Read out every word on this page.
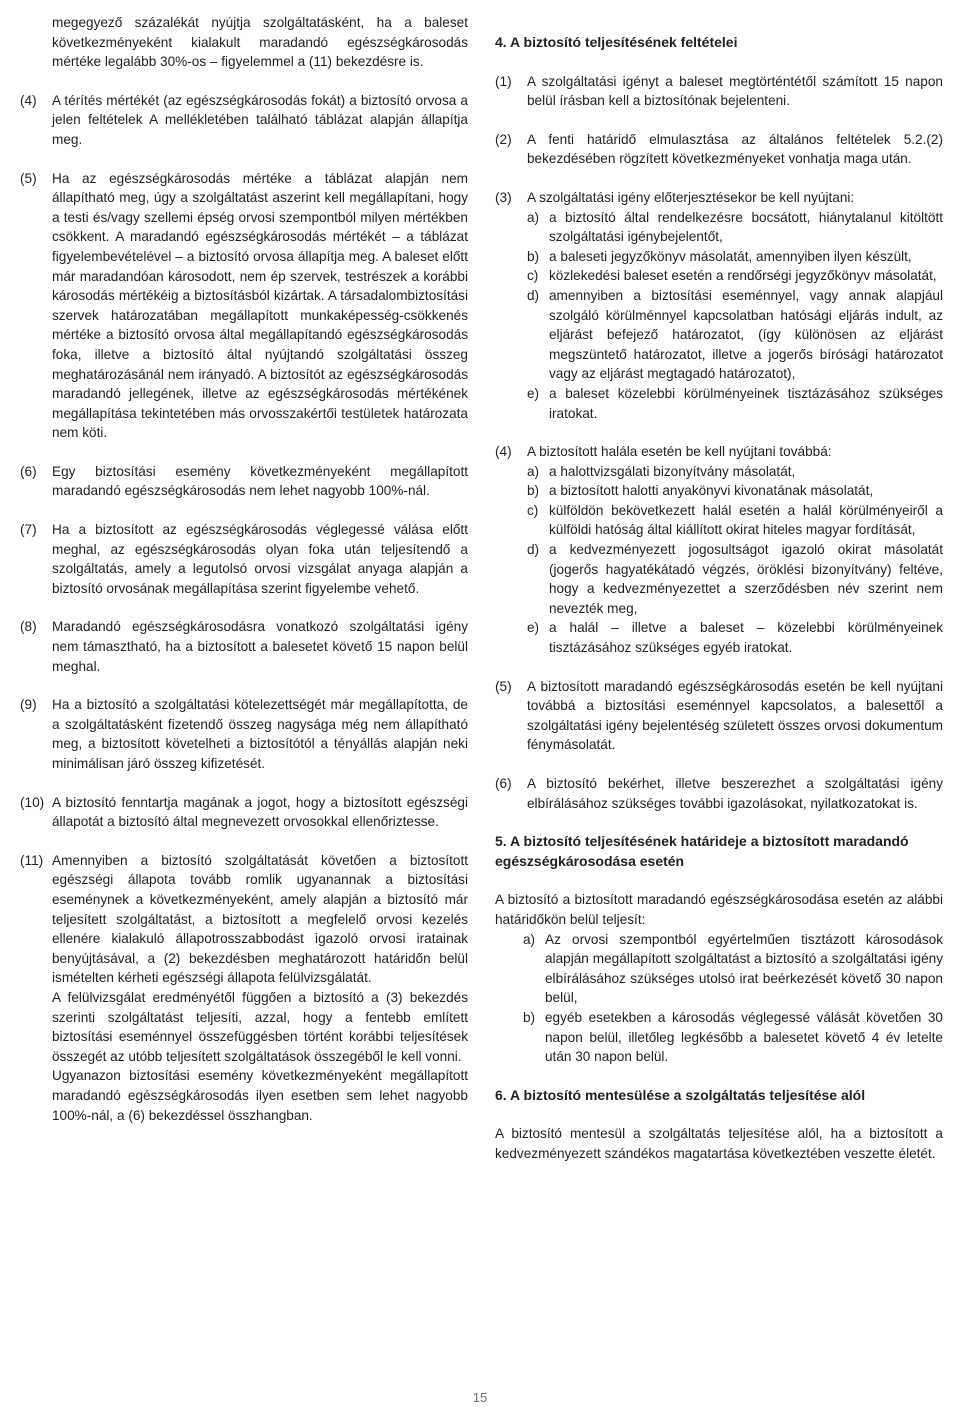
megegyező százalékát nyújtja szolgáltatásként, ha a baleset következményeként kialakult maradandó egészségkárosodás mértéke legalább 30%-os – figyelemmel a (11) bekezdésre is.
(4)	A térítés mértékét (az egészségkárosodás fokát) a biztosító orvosa a jelen feltételek A mellékletében található táblázat alapján állapítja meg.

(5)	Ha az egészségkárosodás mértéke a táblázat alapján nem állapítható meg, úgy a szolgáltatást aszerint kell megállapítani, hogy a testi és/vagy szellemi épség orvosi szempontból milyen mértékben csökkent. A maradandó egészségkárosodás mértékét – a táblázat figyelembevételével – a biztosító orvosa állapítja meg. A baleset előtt már maradandóan károsodott, nem ép szervek, testrészek a korábbi károsodás mértékéig a biztosításból kizártak. A társadalombiztosítási szervek határozatában megállapított munkaképesség-csökkenés mértéke a biztosító orvosa által megállapítandó egészségkárosodás foka, illetve a biztosító által nyújtandó szolgáltatási összeg meghatározásánál nem irányadó. A biztosítót az egészségkárosodás maradandó jellegének, illetve az egészségkárosodás mértékének megállapítása tekintetében más orvosszakértői testületek határozata nem köti.

(6)	Egy biztosítási esemény következményeként megállapított maradandó egészségkárosodás nem lehet nagyobb 100%-nál.

(7)	Ha a biztosított az egészségkárosodás véglegessé válása előtt meghal, az egészségkárosodás olyan foka után teljesítendő a szolgáltatás, amely a legutolsó orvosi vizsgálat anyaga alapján a biztosító orvosának megállapítása szerint figyelembe vehető.

(8)	Maradandó egészségkárosodásra vonatkozó szolgáltatási igény nem támasztható, ha a biztosított a balesetet követő 15 napon belül meghal.

(9)	Ha a biztosító a szolgáltatási kötelezettségét már megállapította, de a szolgáltatásként fizetendő összeg nagysága még nem állapítható meg, a biztosított követelheti a biztosítótól a tényállás alapján neki minimálisan járó összeg kifizetését.

(10) A biztosító fenntartja magának a jogot, hogy a biztosított egészségi állapotát a biztosító által megnevezett orvosokkal ellenőriztesse.

(11) Amennyiben a biztosító szolgáltatását követően a biztosított egészségi állapota tovább romlik ugyanannak a biztosítási eseménynek a következményeként, amely alapján a biztosító már teljesített szolgáltatást, a biztosított a megfelelő orvosi kezelés ellenére kialakuló állapotrosszabbodást igazoló orvosi iratainak benyújtásával, a (2) bekezdésben meghatározott határidőn belül ismételten kérheti egészségi állapota felülvizsgálatát.

A felülvizsgálat eredményétől függően a biztosító a (3) bekezdés szerinti szolgáltatást teljesíti, azzal, hogy a fentebb említett biztosítási eseménnyel összefüggésben történt korábbi teljesítések összegét az utóbb teljesített szolgáltatások összegéből le kell vonni.

Ugyanazon biztosítási esemény következményeként megállapított maradandó egészségkárosodás ilyen esetben sem lehet nagyobb 100%-nál, a (6) bekezdéssel összhangban.

4. A biztosító teljesítésének feltételei
(1)	A szolgáltatási igényt a baleset megtörténtétől számított 15 napon belül írásban kell a biztosítónak bejelenteni.

(2)	A fenti határidő elmulasztása az általános feltételek 5.2.(2) bekezdésében rögzített következményeket vonhatja maga után.

(3)	A szolgáltatási igény előterjesztésekor be kell nyújtani:

a) a biztosító által rendelkezésre bocsátott, hiánytalanul kitöltött szolgáltatási igénybejelentőt,
b) a baleseti jegyzőkönyv másolatát, amennyiben ilyen készült,
c) közlekedési baleset esetén a rendőrségi jegyzőkönyv másolatát,
d) amennyiben a biztosítási eseménnyel, vagy annak alapjául szolgáló körülménnyel kapcsolatban hatósági eljárás indult, az eljárást befejező határozatot, (így különösen az eljárást megszüntető határozatot, illetve a jogerős bírósági határozatot vagy az eljárást megtagadó határozatot),
e) a baleset közelebbi körülményeinek tisztázásához szükséges iratokat.
(4)	A biztosított halála esetén be kell nyújtani továbbá:

a) a halottvizsgálati bizonyítvány másolatát,
b) a biztosított halotti anyakönyvi kivonatának másolatát,
c) külföldön bekövetkezett halál esetén a halál körülményeiről a külföldi hatóság által kiállított okirat hiteles magyar fordítását,
d) a kedvezményezett jogosultságot igazoló okirat másolatát (jogerős hagyatékátadó végzés, öröklési bizonyítvány) feltéve, hogy a kedvezményezettet a szerződésben név szerint nem nevezték meg,
e) a halál – illetve a baleset – közelebbi körülményeinek tisztázásához szükséges egyéb iratokat.
(5)	A biztosított maradandó egészségkárosodás esetén be kell nyújtani továbbá a biztosítási eseménnyel kapcsolatos, a balesettől a szolgáltatási igény bejelentéség született összes orvosi dokumentum fénymásolatát.

(6)	A biztosító bekérhet, illetve beszerezhet a szolgáltatási igény elbírálásához szükséges további igazolásokat, nyilatkozatokat is.

5. A biztosító teljesítésének határideje a biztosított maradandó egészségkárosodása esetén

A biztosító a biztosított maradandó egészségkárosodása esetén az alábbi határidőkön belül teljesít:

a) Az orvosi szempontból egyértelműen tisztázott károsodások alapján megállapított szolgáltatást a biztosító a szolgáltatási igény elbírálásához szükséges utolsó irat beérkezését követő 30 napon belül,
b) egyéb esetekben a károsodás véglegessé válását követően 30 napon belül, illetőleg legkésőbb a balesetet követő 4 év letelte után 30 napon belül.
6. A biztosító mentesülése a szolgáltatás teljesítése alól

A biztosító mentesül a szolgáltatás teljesítése alól, ha a biztosított a kedvezményezett szándékos magatartása következtében veszette életét.

15
